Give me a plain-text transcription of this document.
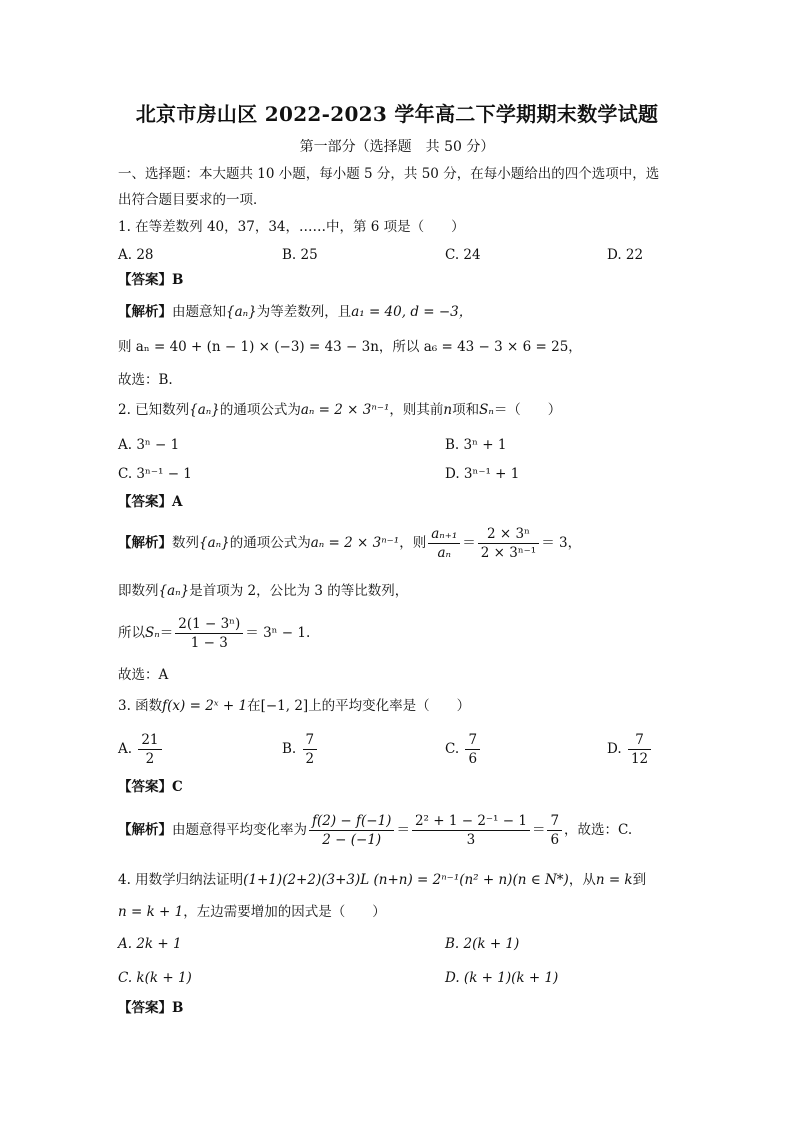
北京市房山区 2022-2023 学年高二下学期期末数学试题
第一部分（选择题　共 50 分）
一、选择题：本大题共 10 小题，每小题 5 分，共 50 分，在每小题给出的四个选项中，选
出符合题目要求的一项．
1. 在等差数列 40，37，34，……中，第 6 项是（　　）
A. 28	B. 25	C. 24	D. 22
【答案】B
【解析】由题意知{aₙ}为等差数列，且a₁ = 40, d = −3，
则 aₙ = 40 + (n − 1) × (−3) = 43 − 3n，所以 a₆ = 43 − 3 × 6 = 25，
故选：B.
2. 已知数列{aₙ}的通项公式为aₙ = 2 × 3ⁿ⁻¹，则其前n项和Sₙ＝（　　）
A. 3ⁿ − 1	B. 3ⁿ + 1
C. 3ⁿ⁻¹ − 1	D. 3ⁿ⁻¹ + 1
【答案】A
【解析】数列{aₙ}的通项公式为aₙ = 2 × 3ⁿ⁻¹，则 $\frac{\text{aₙ₊₁}}{\text{aₙ}} = \frac{\text{2 × 3ⁿ}}{\text{2 × 3ⁿ⁻¹}} = 3$，
即数列{aₙ}是首项为 2，公比为 3 的等比数列，
所以$S_n= \frac{\text{2(1 − 3ⁿ)}}{1 - 3} = 3^n - 1$.
故选：A
3. 函数f(x) = 2ˣ + 1在[−1, 2]上的平均变化率是（　　）
A. $\frac{21}{2}$	B. $\frac{7}{2}$	C. $\frac{7}{6}$	D. $\frac{7}{12}$
【答案】C
【解析】由题意得平均变化率为 $\frac{f(2) - f(-1)}{2 - (-1)} = \frac{\text{2² + 1 − 2⁻¹ − 1}}{3} = \frac{7}{6}$ ，故选：C.
4. 用数学归纳法证明(1+1)(2+2)(3+3)L (n+n) = 2ⁿ⁻¹(n² + n)(n ∈ N*)，从n = k到
n = k + 1，左边需要增加的因式是（　　）
A. 2k + 1	B. 2(k + 1)
C. k(k + 1)	D. (k + 1)(k + 1)
【答案】B
